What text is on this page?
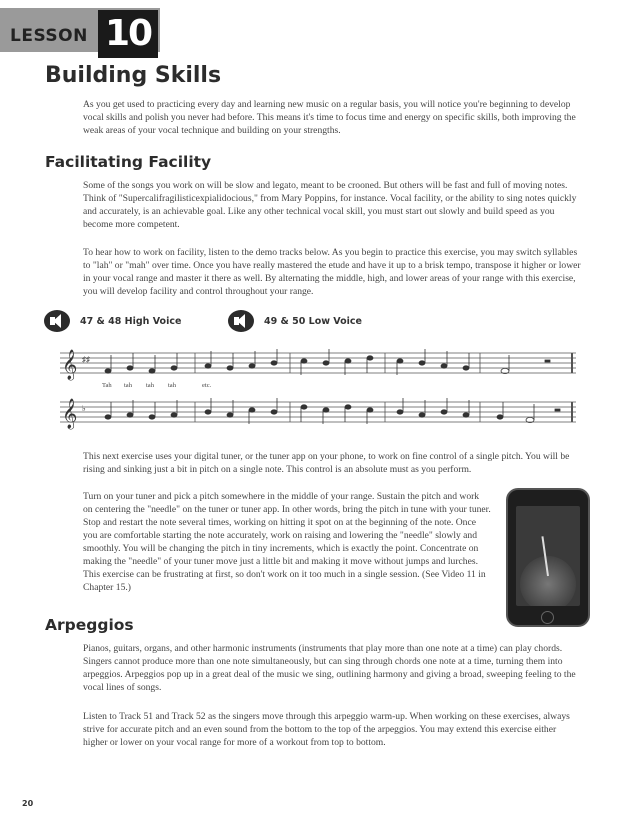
LESSON 10
Building Skills

As you get used to practicing every day and learning new music on a regular basis, you will notice you're beginning to develop vocal skills and polish you never had before. This means it's time to focus time and energy on specific skills, both improving the weak areas of your vocal technique and building on your strengths.

Facilitating Facility

Some of the songs you work on will be slow and legato, meant to be crooned. But others will be fast and full of moving notes. Think of "Supercalifragilisticexpialidocious," from Mary Poppins, for instance. Vocal facility, or the ability to sing notes quickly and accurately, is an achievable goal. Like any other technical vocal skill, you must start out slowly and build speed as you become more competent.

To hear how to work on facility, listen to the demo tracks below. As you begin to practice this exercise, you may switch syllables to "lah" or "mah" over time. Once you have really mastered the etude and have it up to a brisk tempo, transpose it higher or lower in your vocal range and master it there as well. By alternating the middle, high, and lower areas of your range with this exercise, you will develop facility and control throughout your range.

47 & 48 High Voice	49 & 50 Low Voice
𝄞 ♯♯
Tah tah tah tah	etc.
𝄞 ♭

This next exercise uses your digital tuner, or the tuner app on your phone, to work on fine control of a single pitch. You will be rising and sinking just a bit in pitch on a single note. This control is an absolute must as you perform.

Turn on your tuner and pick a pitch somewhere in the middle of your range. Sustain the pitch and work on centering the "needle" on the tuner or tuner app. In other words, bring the pitch in tune with your tuner. Stop and restart the note several times, working on hitting it spot on at the beginning of the note. Once you are comfortable starting the note accurately, work on raising and lowering the "needle" slowly and smoothly. You will be changing the pitch in tiny increments, which is exactly the point. Concentrate on making the "needle" of your tuner move just a little bit and making it move without jumps and lurches. This exercise can be frustrating at first, so don't work on it too much in a single session. (See Video 11 in Chapter 15.)

Arpeggios

Pianos, guitars, organs, and other harmonic instruments (instruments that play more than one note at a time) can play chords. Singers cannot produce more than one note simultaneously, but can sing through chords one note at a time, turning them into arpeggios. Arpeggios pop up in a great deal of the music we sing, outlining harmony and giving a broad, sweeping feeling to the vocal lines of songs.

Listen to Track 51 and Track 52 as the singers move through this arpeggio warm-up. When working on these exercises, always strive for accurate pitch and an even sound from the bottom to the top of the arpeggios. You may extend this exercise either higher or lower on your vocal range for more of a workout from top to bottom.

20
